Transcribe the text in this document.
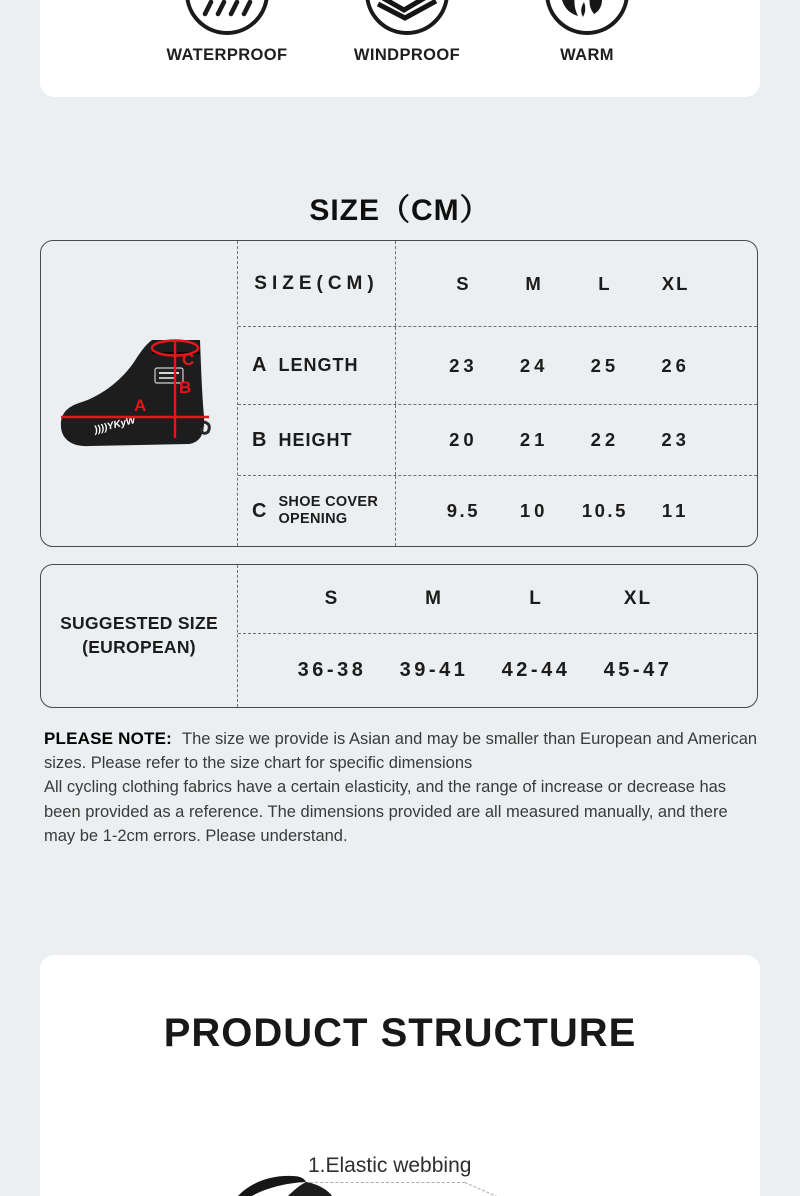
WATERPROOF	WINDPROOF	WARM
SIZE（CM）
))))YKyW
A
B
C
SIZE(CM)	S	M	L	XL
A LENGTH	23	24	25	26
B HEIGHT	20	21	22	23
C SHOE COVER
OPENING	9.5	10	10.5	11
SUGGESTED SIZE
(EUROPEAN)
S	M	L	XL
36-38	39-41	42-44	45-47

PLEASE NOTE: The size we provide is Asian and may be smaller than European and American sizes. Please refer to the size chart for specific dimensions

All cycling clothing fabrics have a certain elasticity, and the range of increase or decrease has been provided as a reference. The dimensions provided are all measured manually, and there may be 1-2cm errors. Please understand.

PRODUCT STRUCTURE
1.Elastic webbing
